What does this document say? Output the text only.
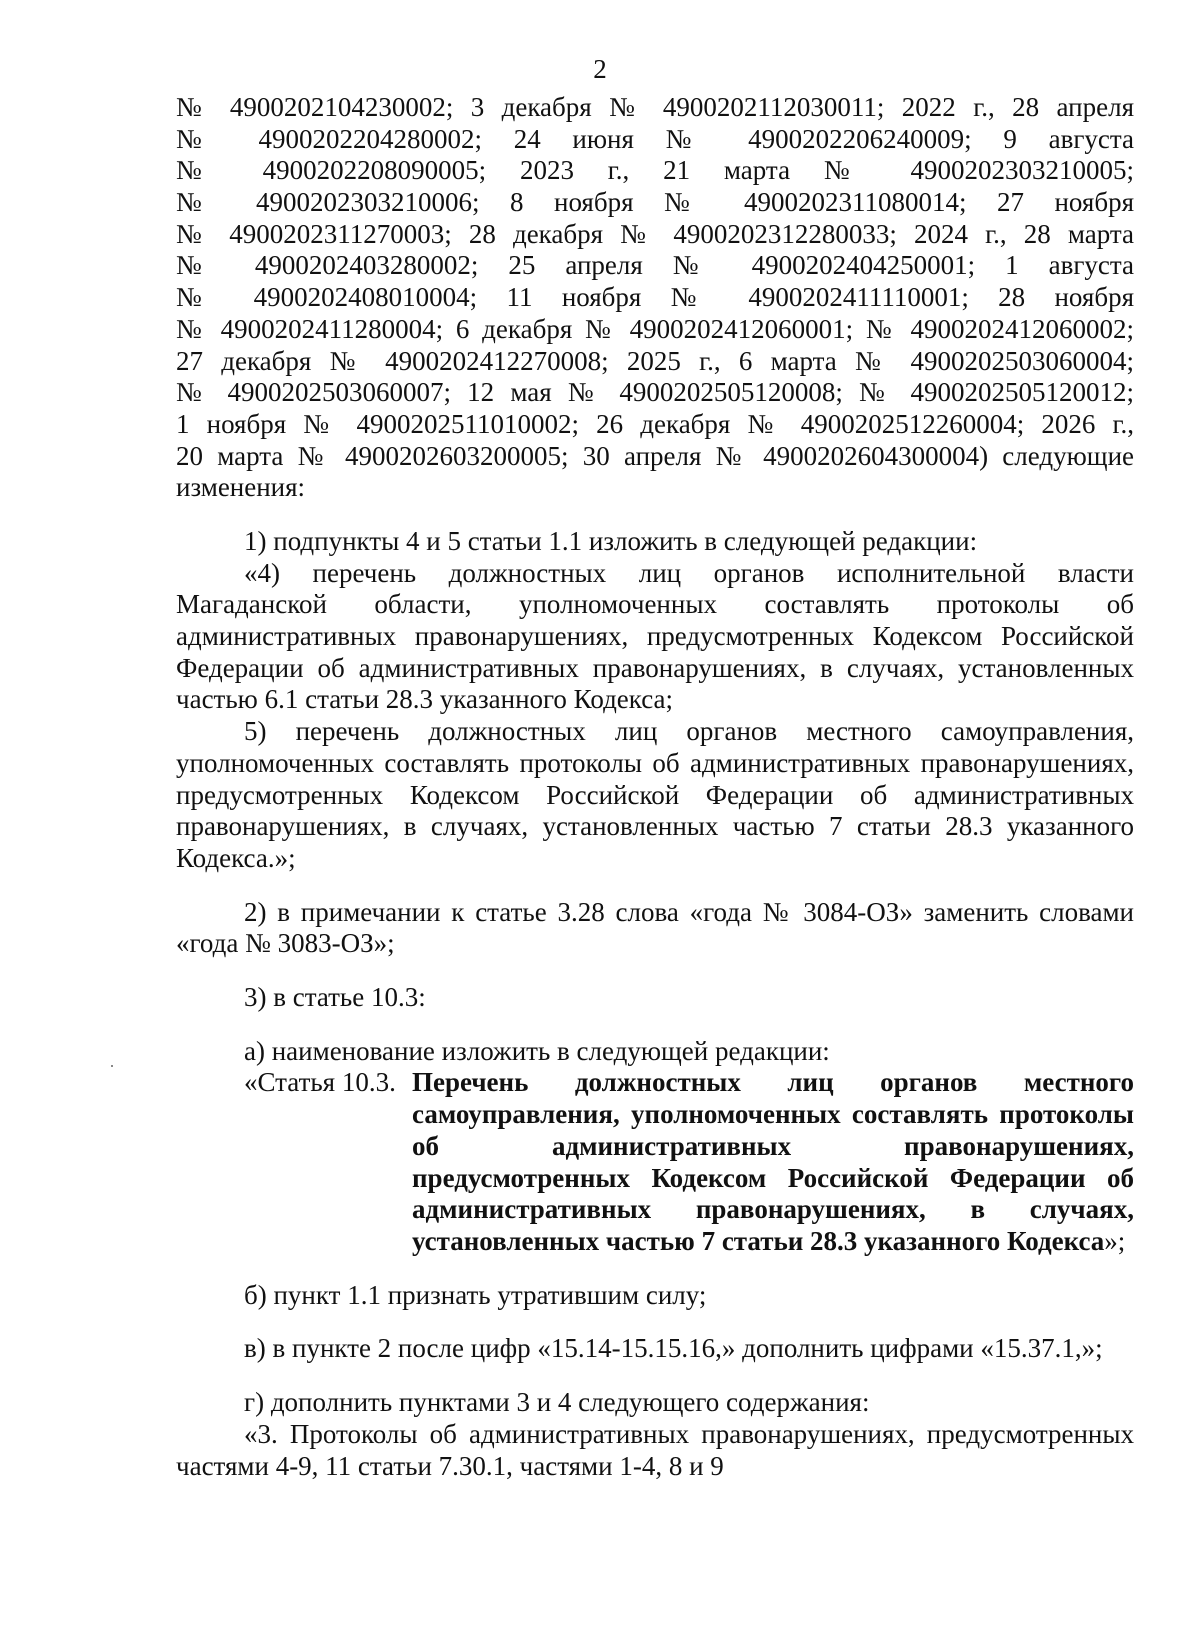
2
№ 4900202104230002; 3 декабря № 4900202112030011; 2022 г., 28 апреля
№ 4900202204280002; 24 июня № 4900202206240009; 9 августа
№ 4900202208090005; 2023 г., 21 марта № 4900202303210005;
№ 4900202303210006; 8 ноября № 4900202311080014; 27 ноября
№ 4900202311270003; 28 декабря № 4900202312280033; 2024 г., 28 марта
№ 4900202403280002; 25 апреля № 4900202404250001; 1 августа
№ 4900202408010004; 11 ноября № 4900202411110001; 28 ноября
№ 4900202411280004; 6 декабря № 4900202412060001; № 4900202412060002;
27 декабря № 4900202412270008; 2025 г., 6 марта № 4900202503060004;
№ 4900202503060007; 12 мая № 4900202505120008; № 4900202505120012;
1 ноября № 4900202511010002; 26 декабря № 4900202512260004; 2026 г.,
20 марта № 4900202603200005; 30 апреля № 4900202604300004) следующие
изменения:

1) подпункты 4 и 5 статьи 1.1 изложить в следующей редакции:

«4) перечень должностных лиц органов исполнительной власти Магаданской области, уполномоченных составлять протоколы об административных правонарушениях, предусмотренных Кодексом Российской Федерации об административных правонарушениях, в случаях, установленных частью 6.1 статьи 28.3 указанного Кодекса;

5) перечень должностных лиц органов местного самоуправления, уполномоченных составлять протоколы об административных правонарушениях, предусмотренных Кодексом Российской Федерации об административных правонарушениях, в случаях, установленных частью 7 статьи 28.3 указанного Кодекса.»;

2) в примечании к статье 3.28 слова «года № 3084-ОЗ» заменить словами «года № 3083-ОЗ»;

3) в статье 10.3:

а) наименование изложить в следующей редакции:

«Статья 10.3. Перечень должностных лиц органов местного самоуправления, уполномоченных составлять протоколы об административных правонарушениях, предусмотренных Кодексом Российской Федерации об административных правонарушениях, в случаях, установленных частью 7 статьи 28.3 указанного Кодекса»;

б) пункт 1.1 признать утратившим силу;

в) в пункте 2 после цифр «15.14-15.15.16,» дополнить цифрами «15.37.1,»;

г) дополнить пунктами 3 и 4 следующего содержания:

«3. Протоколы об административных правонарушениях, предусмотренных частями 4-9, 11 статьи 7.30.1, частями 1-4, 8 и 9
